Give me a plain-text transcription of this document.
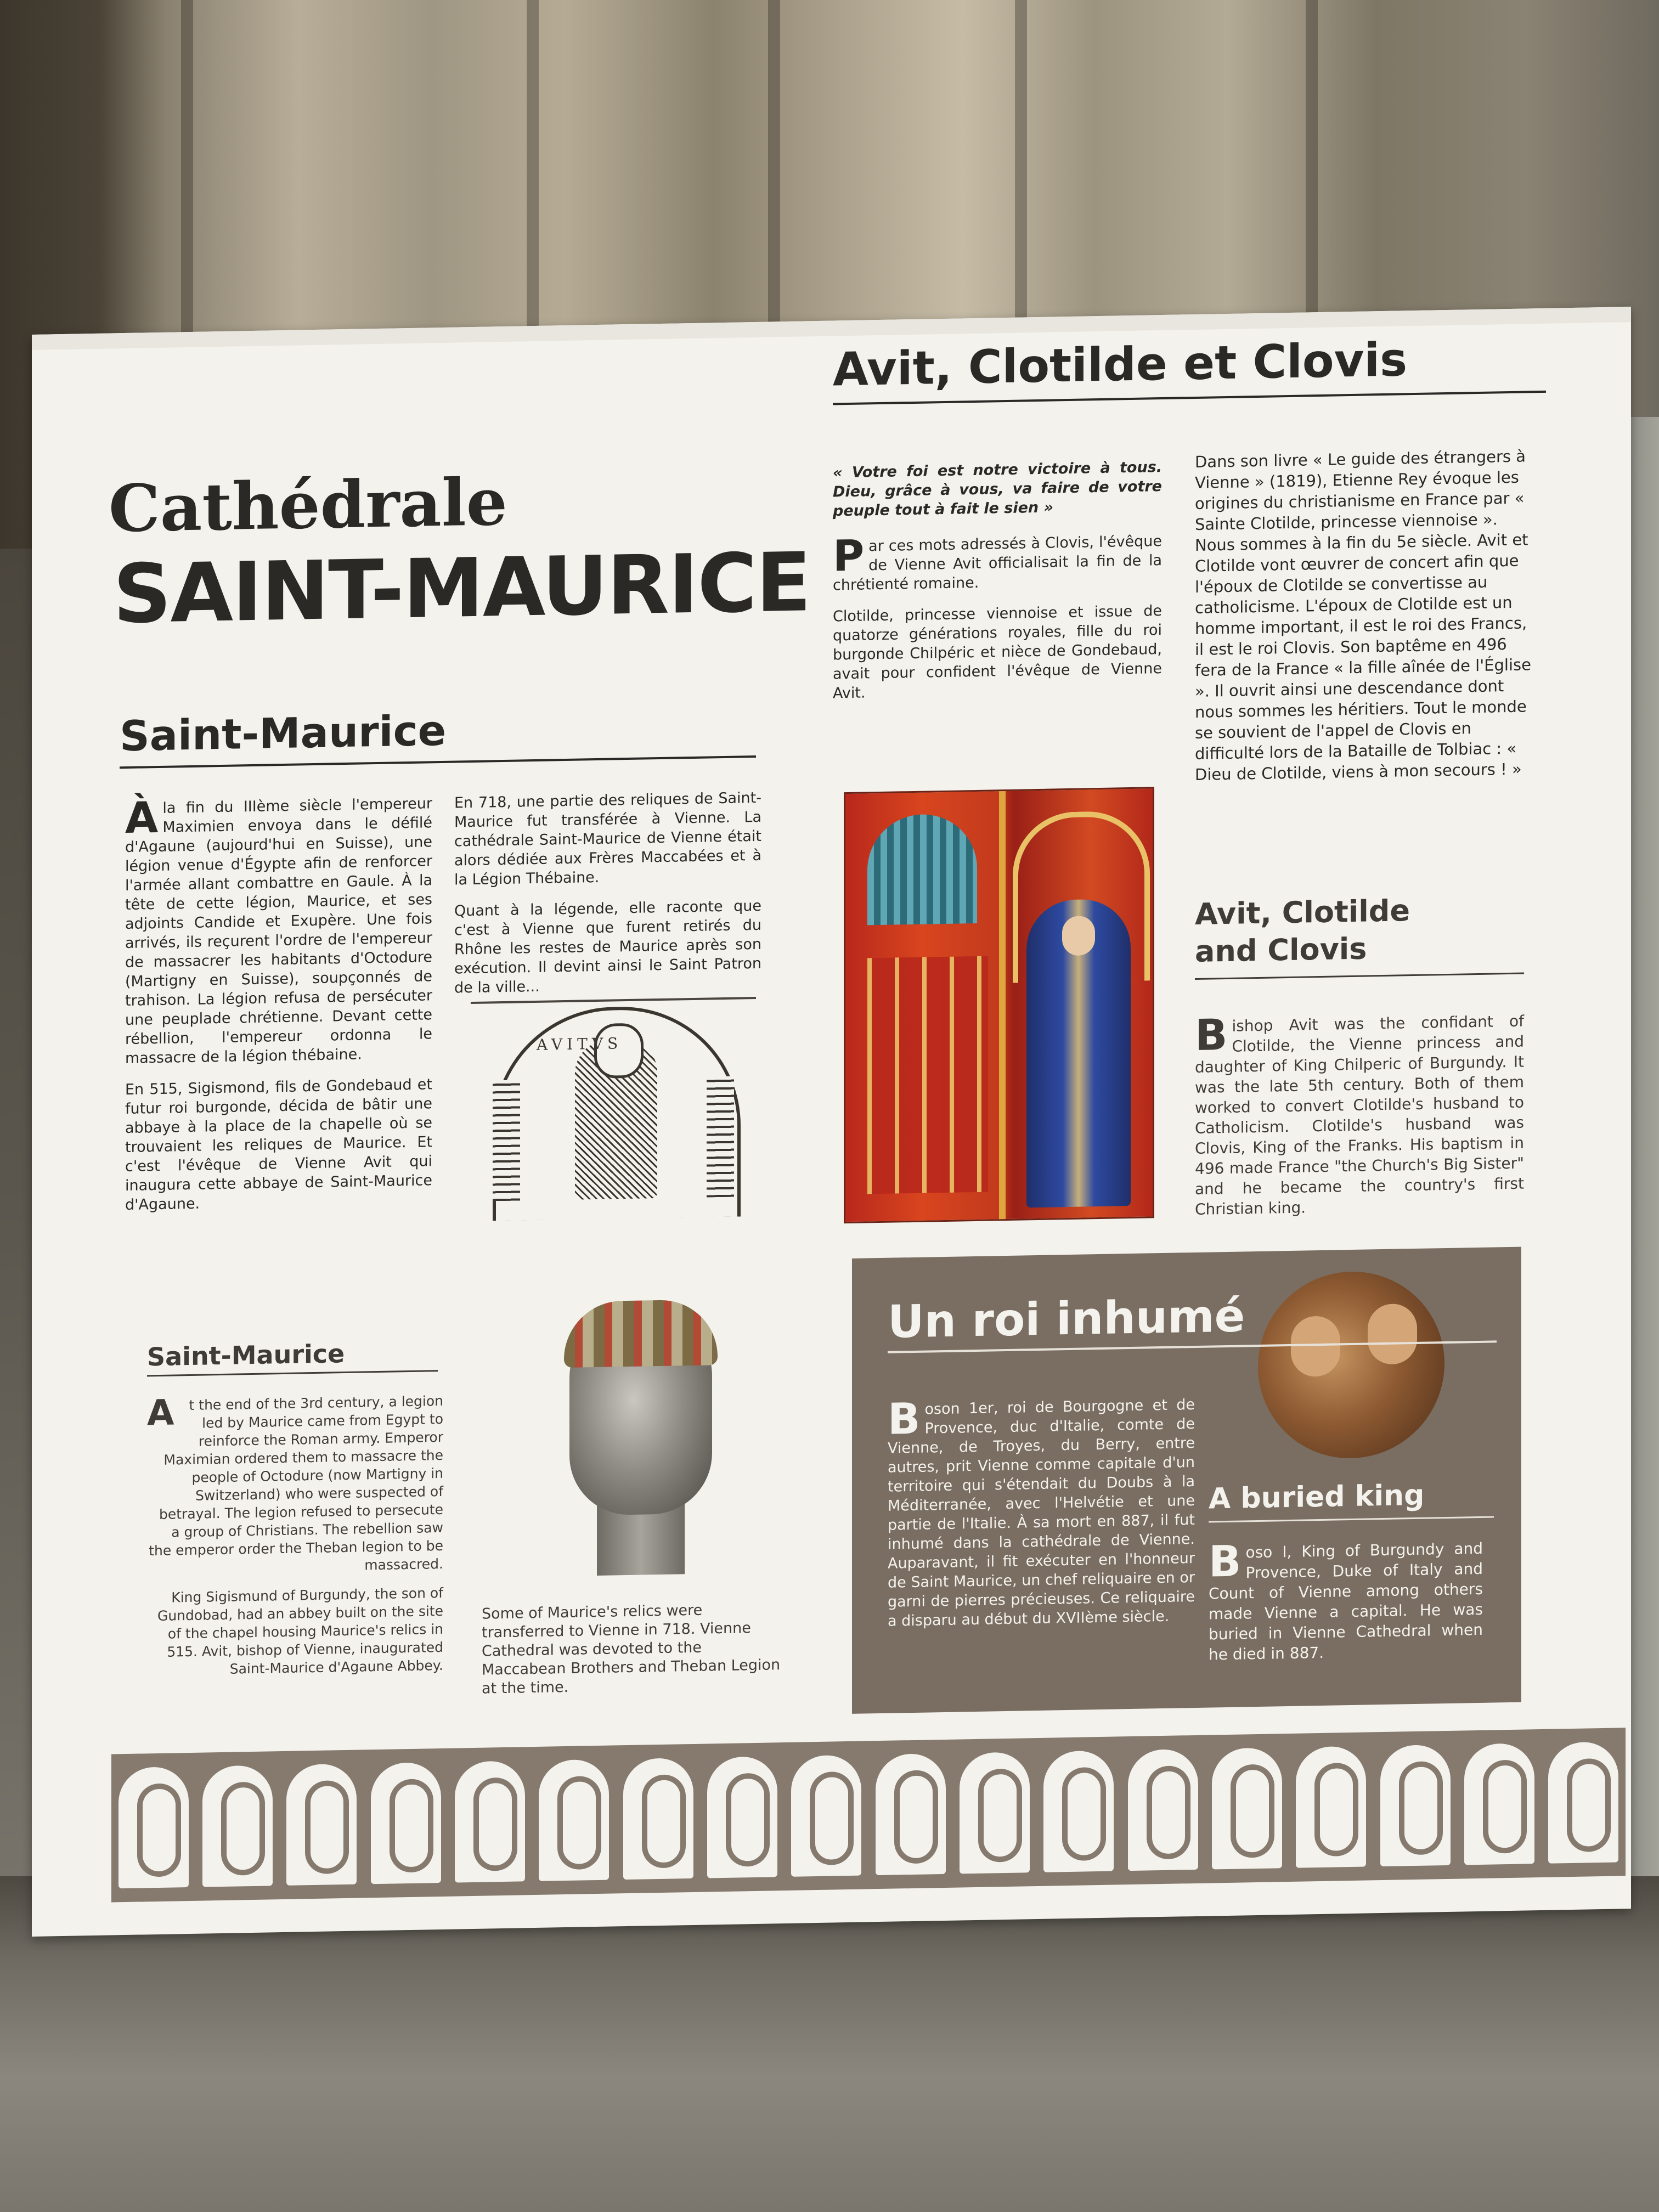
Cathédrale
SAINT-MAURICE
Saint-Maurice
À la fin du IIIème siècle l'empereur Maximien envoya dans le défilé d'Agaune (aujourd'hui en Suisse), une légion venue d'Égypte afin de renforcer l'armée allant combattre en Gaule. À la tête de cette légion, Maurice, et ses adjoints Candide et Exupère. Une fois arrivés, ils reçurent l'ordre de l'empereur de massacrer les habitants d'Octodure (Martigny en Suisse), soupçonnés de trahison. La légion refusa de persécuter une peuplade chrétienne. Devant cette rébellion, l'empereur ordonna le massacre de la légion thébaine.
En 515, Sigismond, fils de Gondebaud et futur roi burgonde, décida de bâtir une abbaye à la place de la chapelle où se trouvaient les reliques de Maurice. Et c'est l'évêque de Vienne Avit qui inaugura cette abbaye de Saint-Maurice d'Agaune.
En 718, une partie des reliques de Saint-Maurice fut transférée à Vienne. La cathédrale Saint-Maurice de Vienne était alors dédiée aux Frères Maccabées et à la Légion Thébaine.
Quant à la légende, elle raconte que c'est à Vienne que furent retirés du Rhône les restes de Maurice après son exécution. Il devint ainsi le Saint Patron de la ville...
AVITVS
Saint-Maurice
A t the end of the 3rd century, a legion led by Maurice came from Egypt to reinforce the Roman army. Emperor Maximian ordered them to massacre the people of Octodure (now Martigny in Switzerland) who were suspected of betrayal. The legion refused to persecute a group of Christians. The rebellion saw the emperor order the Theban legion to be massacred.
King Sigismund of Burgundy, the son of Gundobad, had an abbey built on the site of the chapel housing Maurice's relics in 515. Avit, bishop of Vienne, inaugurated Saint-Maurice d'Agaune Abbey.
Some of Maurice's relics were transferred to Vienne in 718. Vienne Cathedral was devoted to the Maccabean Brothers and Theban Legion at the time.
Avit, Clotilde et Clovis
« Votre foi est notre victoire à tous. Dieu, grâce à vous, va faire de votre peuple tout à fait le sien »
P ar ces mots adressés à Clovis, l'évêque de Vienne Avit officialisait la fin de la chrétienté romaine.
Clotilde, princesse viennoise et issue de quatorze générations royales, fille du roi burgonde Chilpéric et nièce de Gondebaud, avait pour confident l'évêque de Vienne Avit.
Dans son livre « Le guide des étrangers à Vienne » (1819), Etienne Rey évoque les origines du christianisme en France par « Sainte Clotilde, princesse viennoise ». Nous sommes à la fin du 5e siècle. Avit et Clotilde vont œuvrer de concert afin que l'époux de Clotilde se convertisse au catholicisme. L'époux de Clotilde est un homme important, il est le roi des Francs, il est le roi Clovis. Son baptême en 496 fera de la France « la fille aînée de l'Église ». Il ouvrit ainsi une descendance dont nous sommes les héritiers. Tout le monde se souvient de l'appel de Clovis en difficulté lors de la Bataille de Tolbiac : « Dieu de Clotilde, viens à mon secours ! »
Avit, Clotilde
and Clovis
B ishop Avit was the confidant of Clotilde, the Vienne princess and daughter of King Chilperic of Burgundy. It was the late 5th century. Both of them worked to convert Clotilde's husband to Catholicism. Clotilde's husband was Clovis, King of the Franks. His baptism in 496 made France "the Church's Big Sister" and he became the country's first Christian king.
Un roi inhumé
B oson 1er, roi de Bourgogne et de Provence, duc d'Italie, comte de Vienne, de Troyes, du Berry, entre autres, prit Vienne comme capitale d'un territoire qui s'étendait du Doubs à la Méditerranée, avec l'Helvétie et une partie de l'Italie. À sa mort en 887, il fut inhumé dans la cathédrale de Vienne. Auparavant, il fit exécuter en l'honneur de Saint Maurice, un chef reliquaire en or garni de pierres précieuses. Ce reliquaire a disparu au début du XVIIème siècle.
A buried king
B oso I, King of Burgundy and Provence, Duke of Italy and Count of Vienne among others made Vienne a capital. He was buried in Vienne Cathedral when he died in 887.
